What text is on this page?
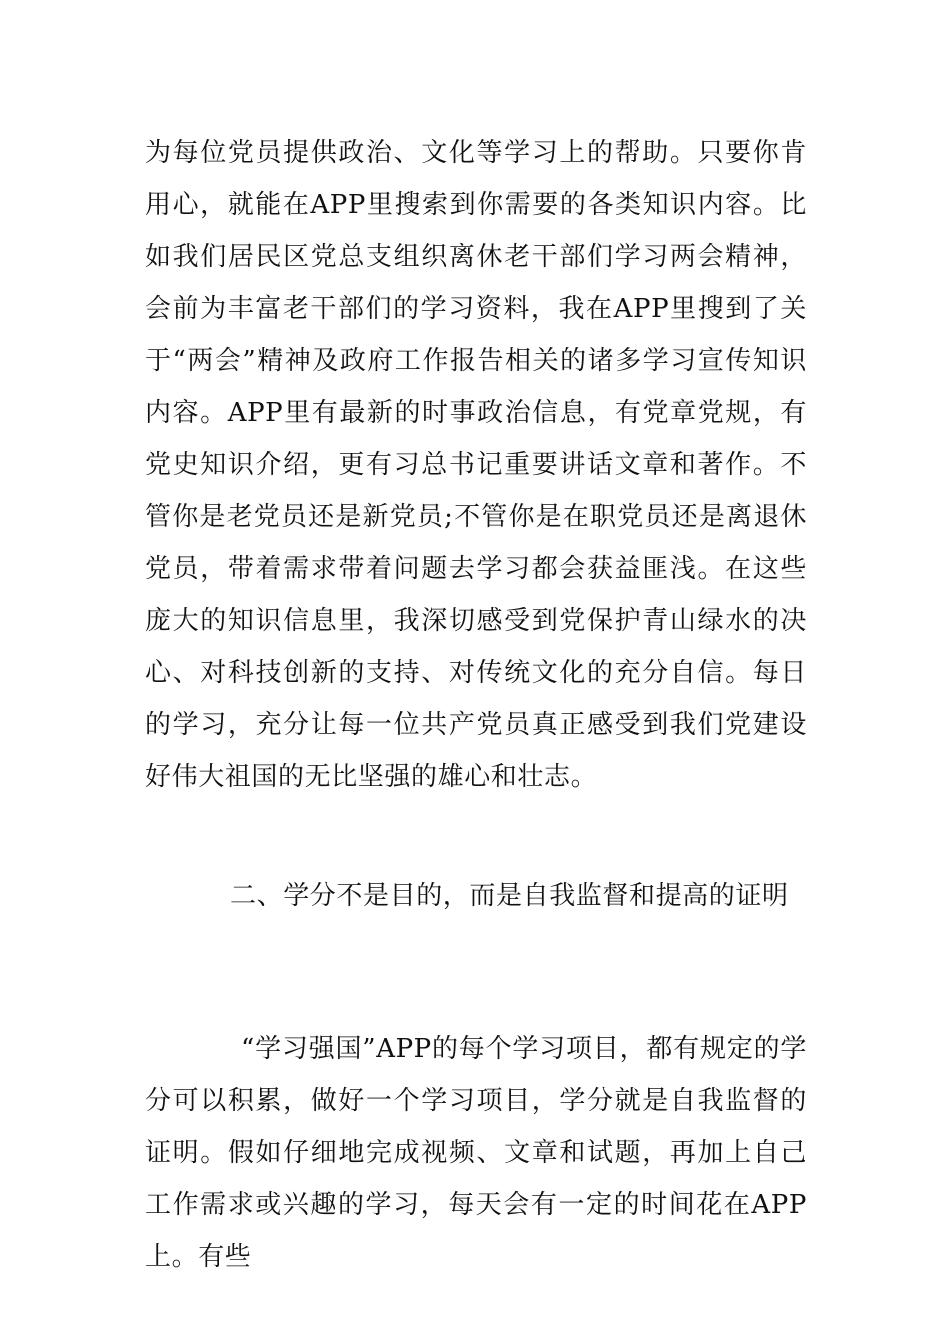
为每位党员提供政治、文化等学习上的帮助。只要你肯用心，就能在APP里搜索到你需要的各类知识内容。比如我们居民区党总支组织离休老干部们学习两会精神，会前为丰富老干部们的学习资料，我在APP里搜到了关于“两会”精神及政府工作报告相关的诸多学习宣传知识内容。APP里有最新的时事政治信息，有党章党规，有党史知识介绍，更有习总书记重要讲话文章和著作。不管你是老党员还是新党员;不管你是在职党员还是离退休党员，带着需求带着问题去学习都会获益匪浅。在这些庞大的知识信息里，我深切感受到党保护青山绿水的决心、对科技创新的支持、对传统文化的充分自信。每日的学习，充分让每一位共产党员真正感受到我们党建设好伟大祖国的无比坚强的雄心和壮志。

二、学分不是目的，而是自我监督和提高的证明

“学习强国”APP的每个学习项目，都有规定的学分可以积累，做好一个学习项目，学分就是自我监督的证明。假如仔细地完成视频、文章和试题，再加上自己工作需求或兴趣的学习，每天会有一定的时间花在APP上。有些
